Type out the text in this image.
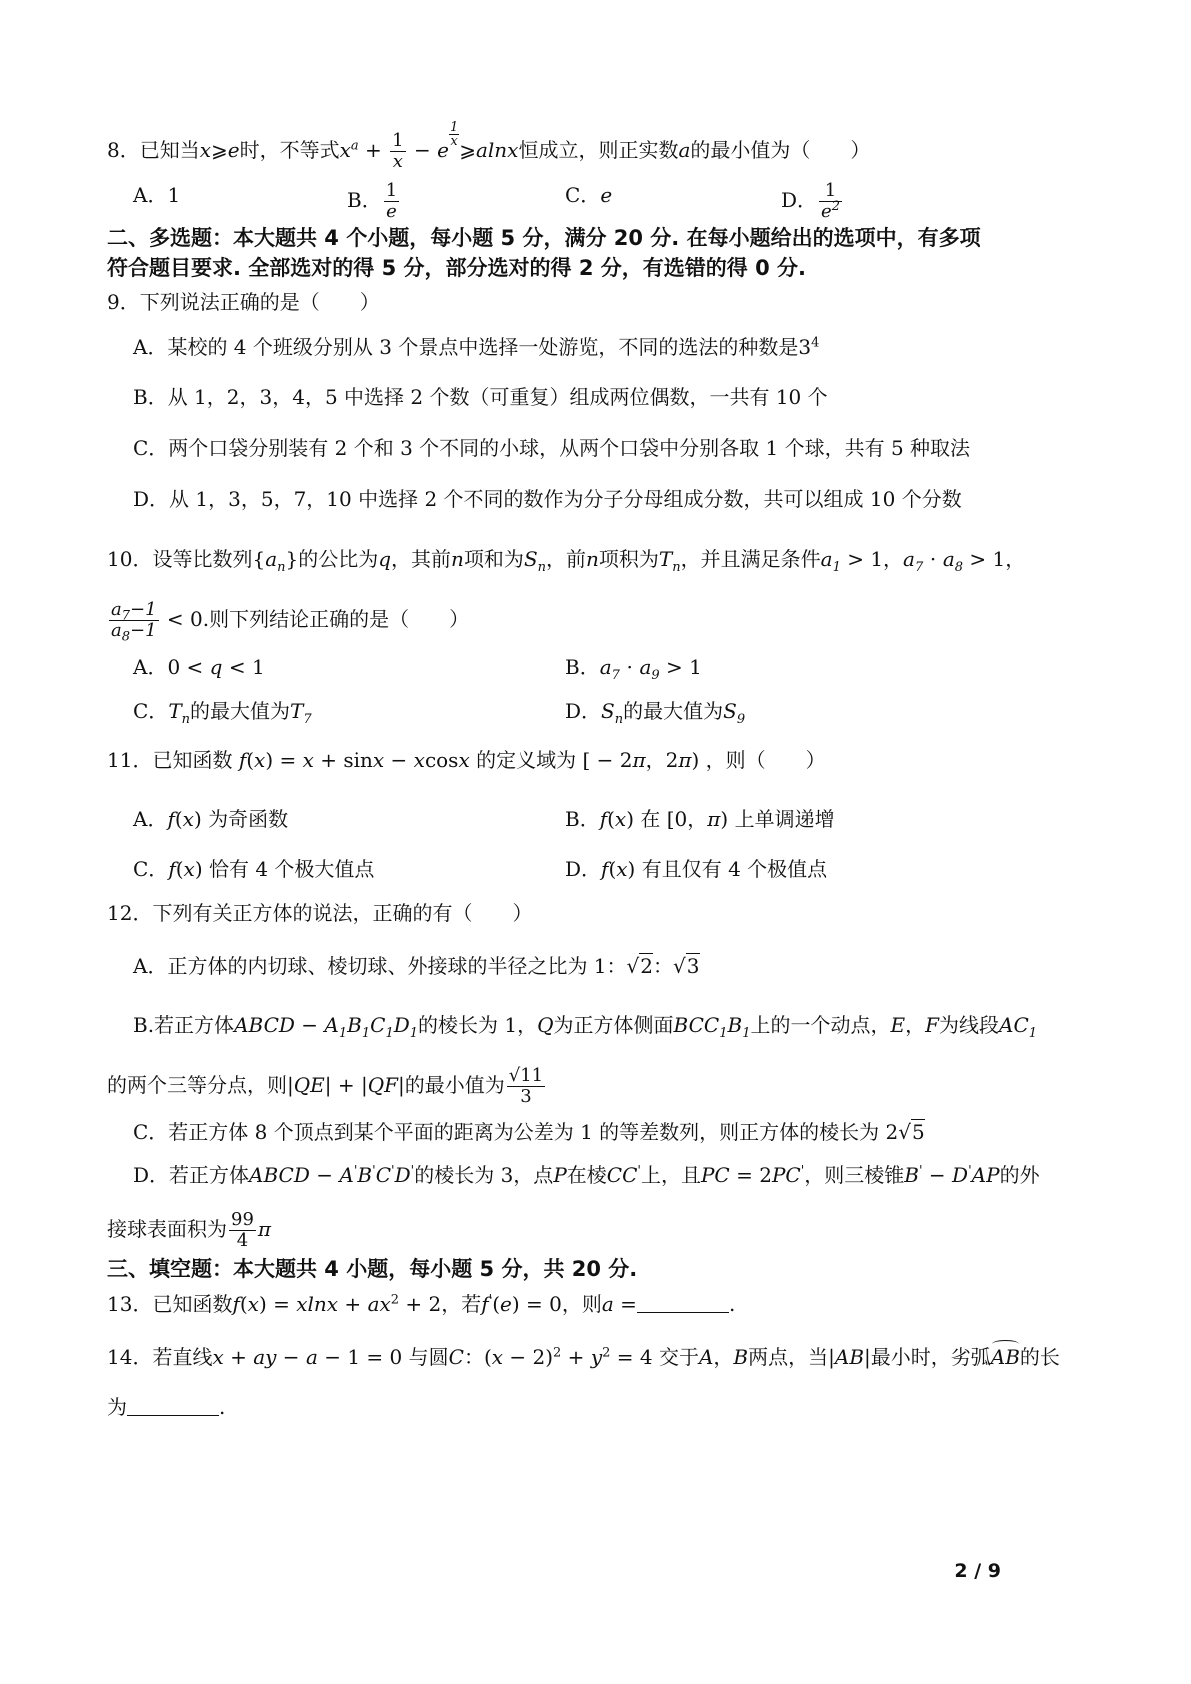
8．已知当x⩾e时，不等式$x^a + \frac{1}{x} - e$
$\frac{1}{x}$
⩾alnx恒成立，则正实数a的最小值为（　　）
A．1	B． $\frac{1}{e}$	C．e	D． $\frac{1}{e^2}$
二、多选题：本大题共 4 个小题，每小题 5 分，满分 20 分. 在每小题给出的选项中，有多项
符合题目要求. 全部选对的得 5 分，部分选对的得 2 分，有选错的得 0 分.
9．下列说法正确的是（　　）
A．某校的 4 个班级分别从 3 个景点中选择一处游览，不同的选法的种数是$3^4$
B．从 1，2，3，4，5 中选择 2 个数（可重复）组成两位偶数，一共有 10 个
C．两个口袋分别装有 2 个和 3 个不同的小球，从两个口袋中分别各取 1 个球，共有 5 种取法
D．从 1，3，5，7，10 中选择 2 个不同的数作为分子分母组成分数，共可以组成 10 个分数
10．设等比数列$\{a_n\}$的公比为q，其前n项和为$S_n$，前n项积为$T_n$，并且满足条件$a_1 > 1$，$a_7 \cdot a_8 > 1$，
$\frac{a_7-1}{a_8-1} < 0$.则下列结论正确的是（　　）
A．0 < q < 1	B．$a_7 \cdot a_9 > 1$
C．$T_n$的最大值为$T_7$	D．$S_n$的最大值为$S_9$
11．已知函数 f(x) = x + sinx − xcosx 的定义域为 [ − 2π，2π) ，则（　　）
A．f(x) 为奇函数	B．f(x) 在 [0，π) 上单调递增
C．f(x) 恰有 4 个极大值点	D．f(x) 有且仅有 4 个极值点
12．下列有关正方体的说法，正确的有（　　）
A．正方体的内切球、棱切球、外接球的半径之比为 1：√2：√3
B.若正方体ABCD − $A_1B_1C_1D_1$的棱长为 1，Q为正方体侧面$BCC_1B_1$上的一个动点，E，F为线段$AC_1$
的两个三等分点，则|QE| + |QF|的最小值为 $\frac{√11}{3}$
C．若正方体 8 个顶点到某个平面的距离为公差为 1 的等差数列，则正方体的棱长为 2√5
D．若正方体ABCD − A'B'C'D'的棱长为 3，点P在棱CC'上，且PC = 2PC'，则三棱锥B' − D'AP的外
接球表面积为 $\frac{99}{4}$ π
三、填空题：本大题共 4 小题，每小题 5 分，共 20 分.
13．已知函数$f(x) = xlnx + ax^2 + 2$，若f'(e) = 0，则a =	.
14．若直线x + ay − a − 1 = 0 与圆C：$(x - 2)^2 + y^2 = 4$ 交于A，B两点，当|AB|最小时，劣弧AB的长
为	.
2 / 9
